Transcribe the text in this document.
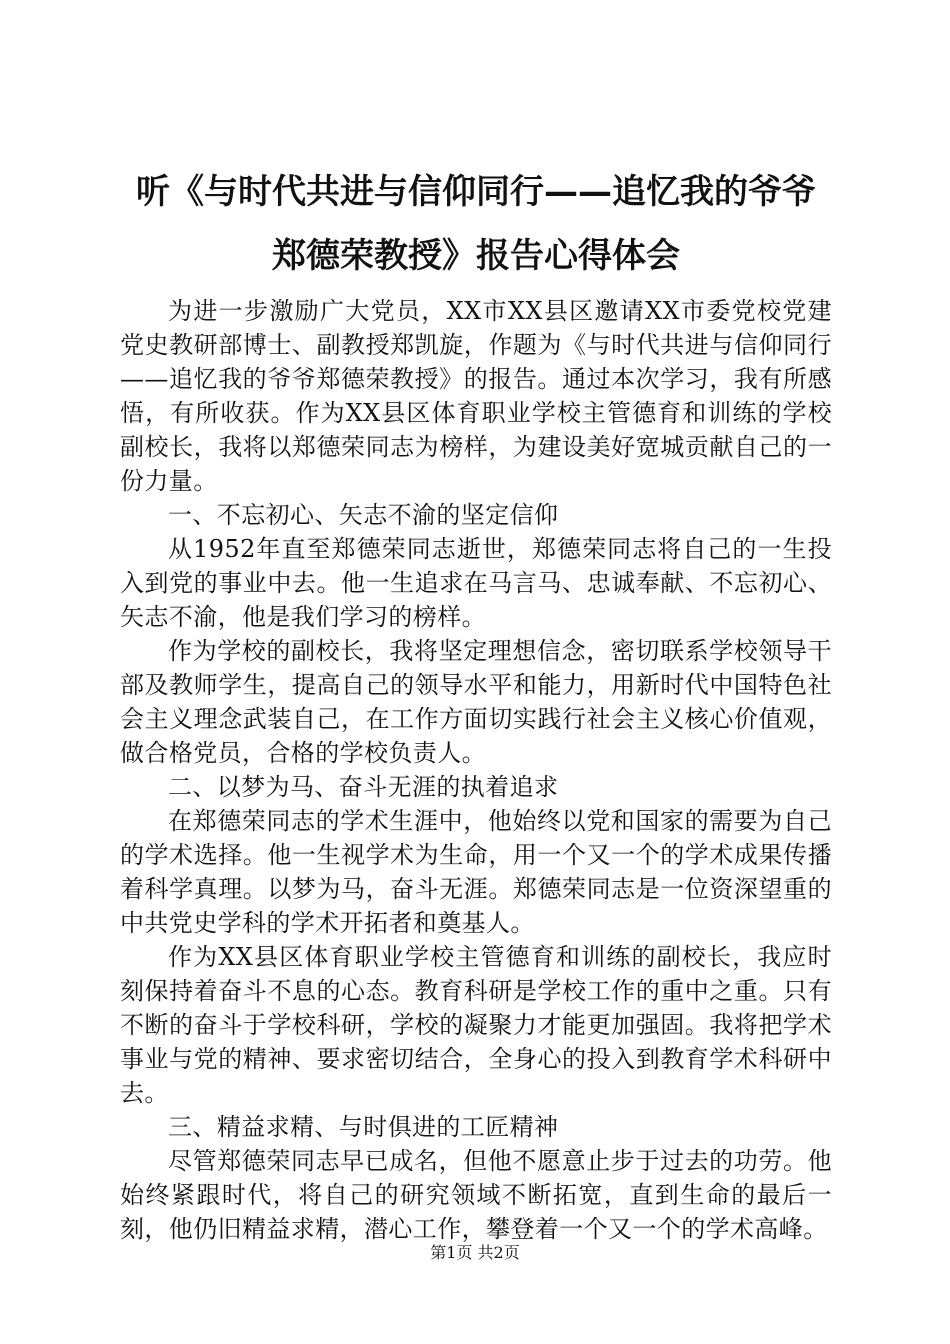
听《与时代共进与信仰同行——追忆我的爷爷
郑德荣教授》报告心得体会

为进一步激励广大党员，XX市XX县区邀请XX市委党校党建党史教研部博士、副教授郑凯旋，作题为《与时代共进与信仰同行——追忆我的爷爷郑德荣教授》的报告。通过本次学习，我有所感悟，有所收获。作为XX县区体育职业学校主管德育和训练的学校副校长，我将以郑德荣同志为榜样，为建设美好宽城贡献自己的一份力量。

一、不忘初心、矢志不渝的坚定信仰

从1952年直至郑德荣同志逝世，郑德荣同志将自己的一生投入到党的事业中去。他一生追求在马言马、忠诚奉献、不忘初心、矢志不渝，他是我们学习的榜样。

作为学校的副校长，我将坚定理想信念，密切联系学校领导干部及教师学生，提高自己的领导水平和能力，用新时代中国特色社会主义理念武装自己，在工作方面切实践行社会主义核心价值观，做合格党员，合格的学校负责人。

二、以梦为马、奋斗无涯的执着追求

在郑德荣同志的学术生涯中，他始终以党和国家的需要为自己的学术选择。他一生视学术为生命，用一个又一个的学术成果传播着科学真理。以梦为马，奋斗无涯。郑德荣同志是一位资深望重的中共党史学科的学术开拓者和奠基人。

作为XX县区体育职业学校主管德育和训练的副校长，我应时刻保持着奋斗不息的心态。教育科研是学校工作的重中之重。只有不断的奋斗于学校科研，学校的凝聚力才能更加强固。我将把学术事业与党的精神、要求密切结合，全身心的投入到教育学术科研中去。

三、精益求精、与时俱进的工匠精神

尽管郑德荣同志早已成名，但他不愿意止步于过去的功劳。他始终紧跟时代，将自己的研究领域不断拓宽，直到生命的最后一刻，他仍旧精益求精，潜心工作，攀登着一个又一个的学术高峰。

第1页 共2页
